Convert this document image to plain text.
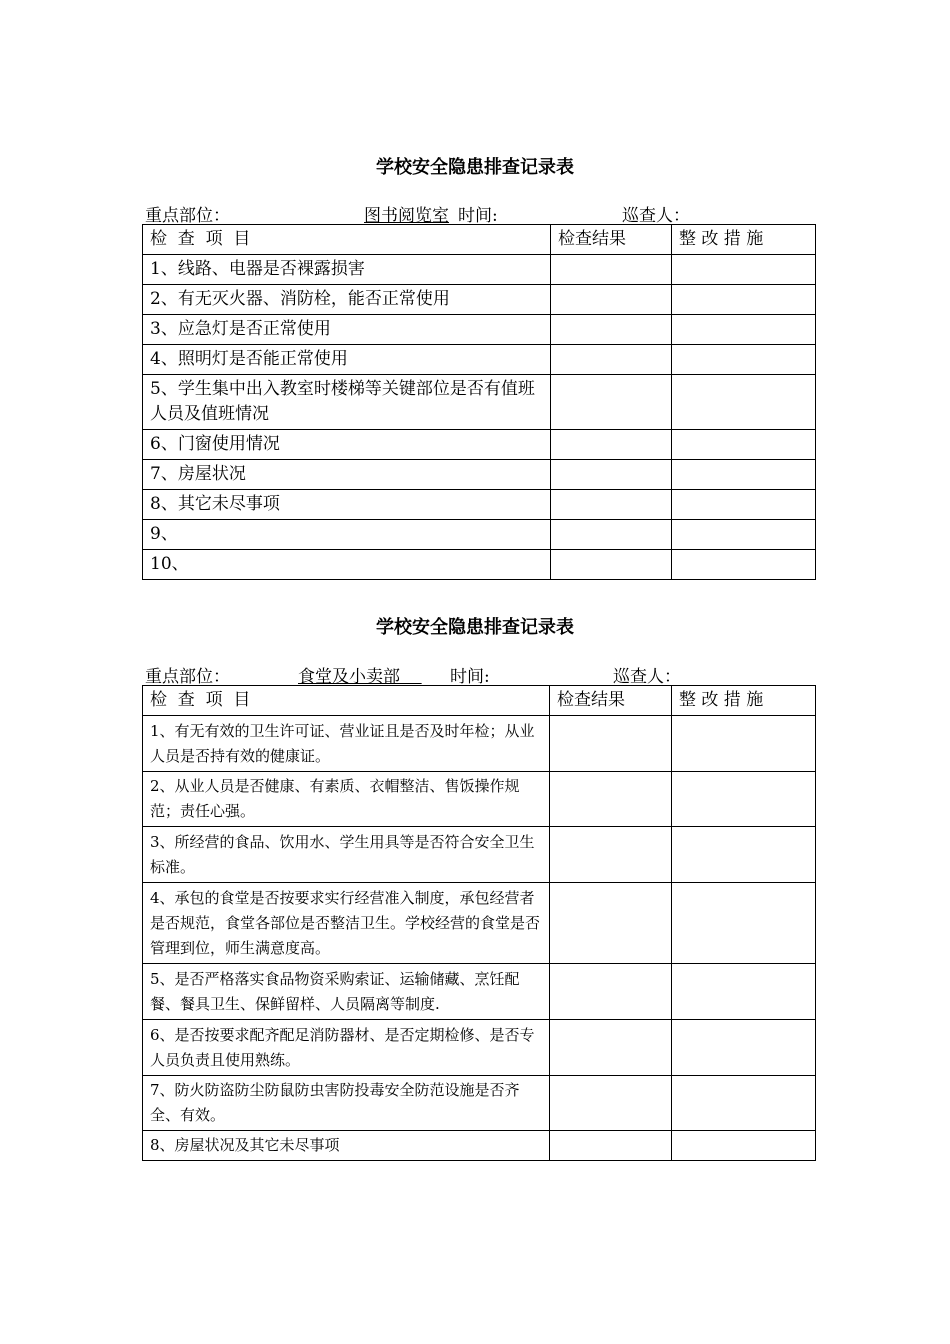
学校安全隐患排查记录表
重点部位：	图书阅览室 时间:	巡查人：
检  查  项  目	检查结果	整 改 措 施
1、线路、电器是否裸露损害		
2、有无灭火器、消防栓，能否正常使用		
3、应急灯是否正常使用		
4、照明灯是否能正常使用		
5、学生集中出入教室时楼梯等关键部位是否有值班人员及值班情况		
6、门窗使用情况		
7、房屋状况		
8、其它未尽事项		
9、		
10、		
学校安全隐患排查记录表
重点部位：	食堂及小卖部	时间:	巡查人：
检  查  项  目	检查结果	整 改 措 施
1、有无有效的卫生许可证、营业证且是否及时年检；从业人员是否持有效的健康证。		
2、从业人员是否健康、有素质、衣帽整洁、售饭操作规范；责任心强。		
3、所经营的食品、饮用水、学生用具等是否符合安全卫生标准。		
4、承包的食堂是否按要求实行经营准入制度，承包经营者是否规范，食堂各部位是否整洁卫生。学校经营的食堂是否管理到位，师生满意度高。		
5、是否严格落实食品物资采购索证、运输储藏、烹饪配餐、餐具卫生、保鲜留样、人员隔离等制度.		
6、是否按要求配齐配足消防器材、是否定期检修、是否专人员负责且使用熟练。		
7、防火防盗防尘防鼠防虫害防投毒安全防范设施是否齐全、有效。		
8、房屋状况及其它未尽事项		
